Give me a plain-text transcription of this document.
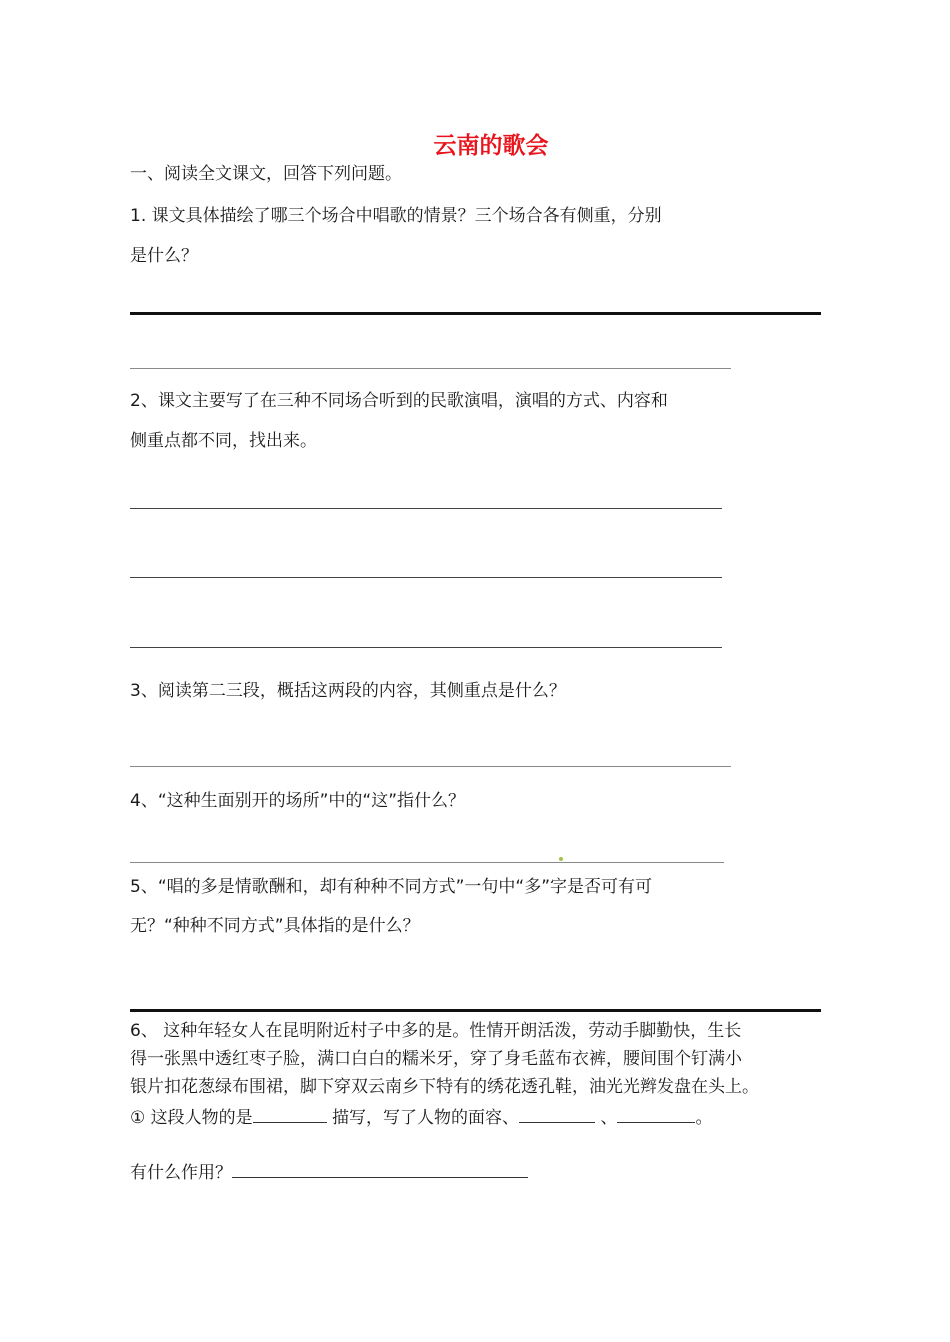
云南的歌会
一、阅读全文课文，回答下列问题。
1. 课文具体描绘了哪三个场合中唱歌的情景？三个场合各有侧重，分别
是什么？
2、课文主要写了在三种不同场合听到的民歌演唱，演唱的方式、内容和
侧重点都不同，找出来。
3、阅读第二三段，概括这两段的内容，其侧重点是什么？
4、“这种生面别开的场所”中的“这”指什么？
5、“唱的多是情歌酬和，却有种种不同方式”一句中“多”字是否可有可
无？“种种不同方式”具体指的是什么？
6、 这种年轻女人在昆明附近村子中多的是。性情开朗活泼，劳动手脚勤快，生长
得一张黑中透红枣子脸，满口白白的糯米牙，穿了身毛蓝布衣裤，腰间围个钉满小
银片扣花葱绿布围裙，脚下穿双云南乡下特有的绣花透孔鞋，油光光辫发盘在头上。
① 这段人物的是	描写，写了人物的面容、	、	。
有什么作用？
